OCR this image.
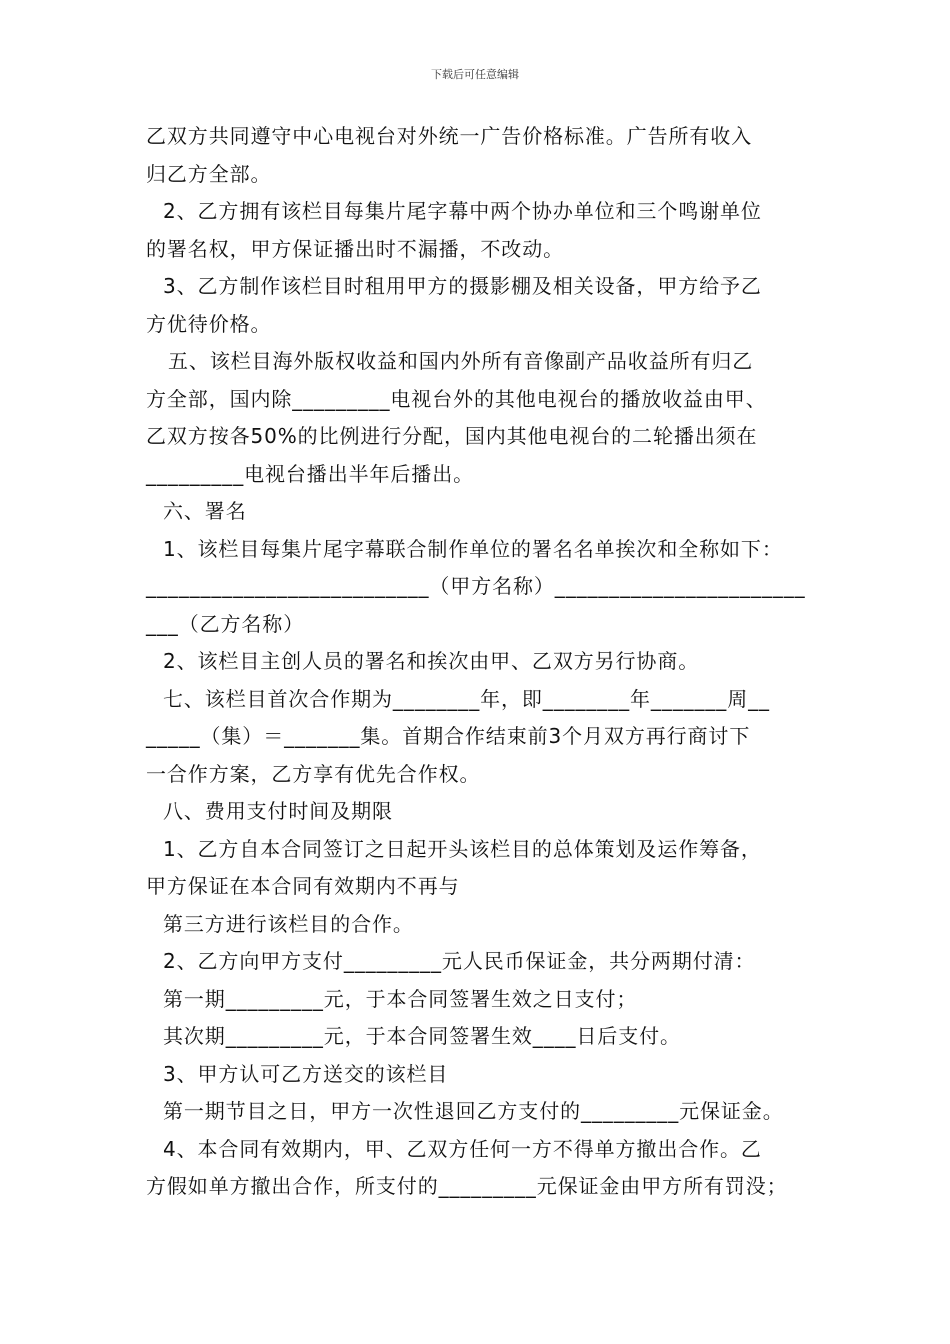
下载后可任意编辑
乙双方共同遵守中心电视台对外统一广告价格标准。广告所有收入
归乙方全部。
2、乙方拥有该栏目每集片尾字幕中两个协办单位和三个鸣谢单位
的署名权，甲方保证播出时不漏播，不改动。
3、乙方制作该栏目时租用甲方的摄影棚及相关设备，甲方给予乙
方优待价格。
五、该栏目海外版权收益和国内外所有音像副产品收益所有归乙
方全部，国内除_________电视台外的其他电视台的播放收益由甲、
乙双方按各50%的比例进行分配，国内其他电视台的二轮播出须在
_________电视台播出半年后播出。
六、署名
1、该栏目每集片尾字幕联合制作单位的署名名单挨次和全称如下：
__________________________（甲方名称）_______________________
___（乙方名称）
2、该栏目主创人员的署名和挨次由甲、乙双方另行协商。
七、该栏目首次合作期为________年，即________年_______周__
_____（集）＝_______集。首期合作结束前3个月双方再行商讨下
一合作方案，乙方享有优先合作权。
八、费用支付时间及期限
1、乙方自本合同签订之日起开头该栏目的总体策划及运作筹备，
甲方保证在本合同有效期内不再与
第三方进行该栏目的合作。
2、乙方向甲方支付_________元人民币保证金，共分两期付清：
第一期_________元，于本合同签署生效之日支付；
其次期_________元，于本合同签署生效____日后支付。
3、甲方认可乙方送交的该栏目
第一期节目之日，甲方一次性退回乙方支付的_________元保证金。
4、本合同有效期内，甲、乙双方任何一方不得单方撤出合作。乙
方假如单方撤出合作，所支付的_________元保证金由甲方所有罚没；
